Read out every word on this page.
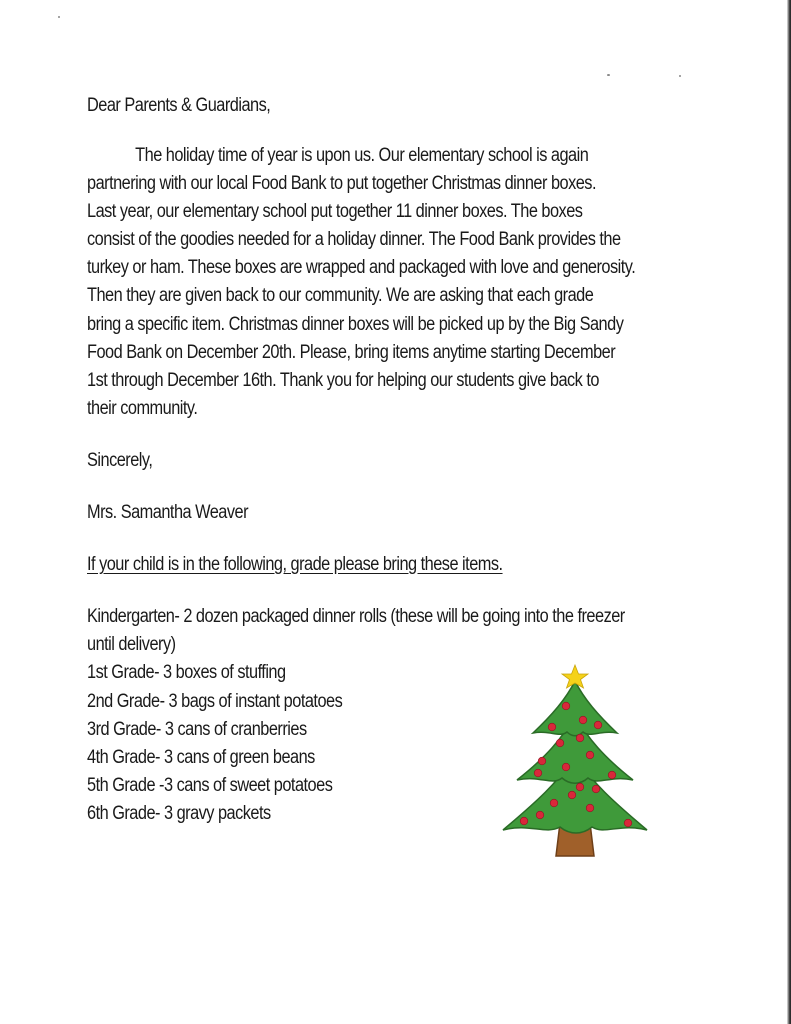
Dear Parents & Guardians,

The holiday time of year is upon us. Our elementary school is again
partnering with our local Food Bank to put together Christmas dinner boxes.
Last year, our elementary school put together 11 dinner boxes. The boxes
consist of the goodies needed for a holiday dinner. The Food Bank provides the
turkey or ham. These boxes are wrapped and packaged with love and generosity.
Then they are given back to our community. We are asking that each grade
bring a specific item. Christmas dinner boxes will be picked up by the Big Sandy
Food Bank on December 20th. Please, bring items anytime starting December
1st through December 16th. Thank you for helping our students give back to
their community.

Sincerely,

Mrs. Samantha Weaver

If your child is in the following, grade please bring these items.

Kindergarten- 2 dozen packaged dinner rolls (these will be going into the freezer
until delivery)
1st Grade- 3 boxes of stuffing
2nd Grade- 3 bags of instant potatoes
3rd Grade- 3 cans of cranberries
4th Grade- 3 cans of green beans
5th Grade -3 cans of sweet potatoes
6th Grade- 3 gravy packets
